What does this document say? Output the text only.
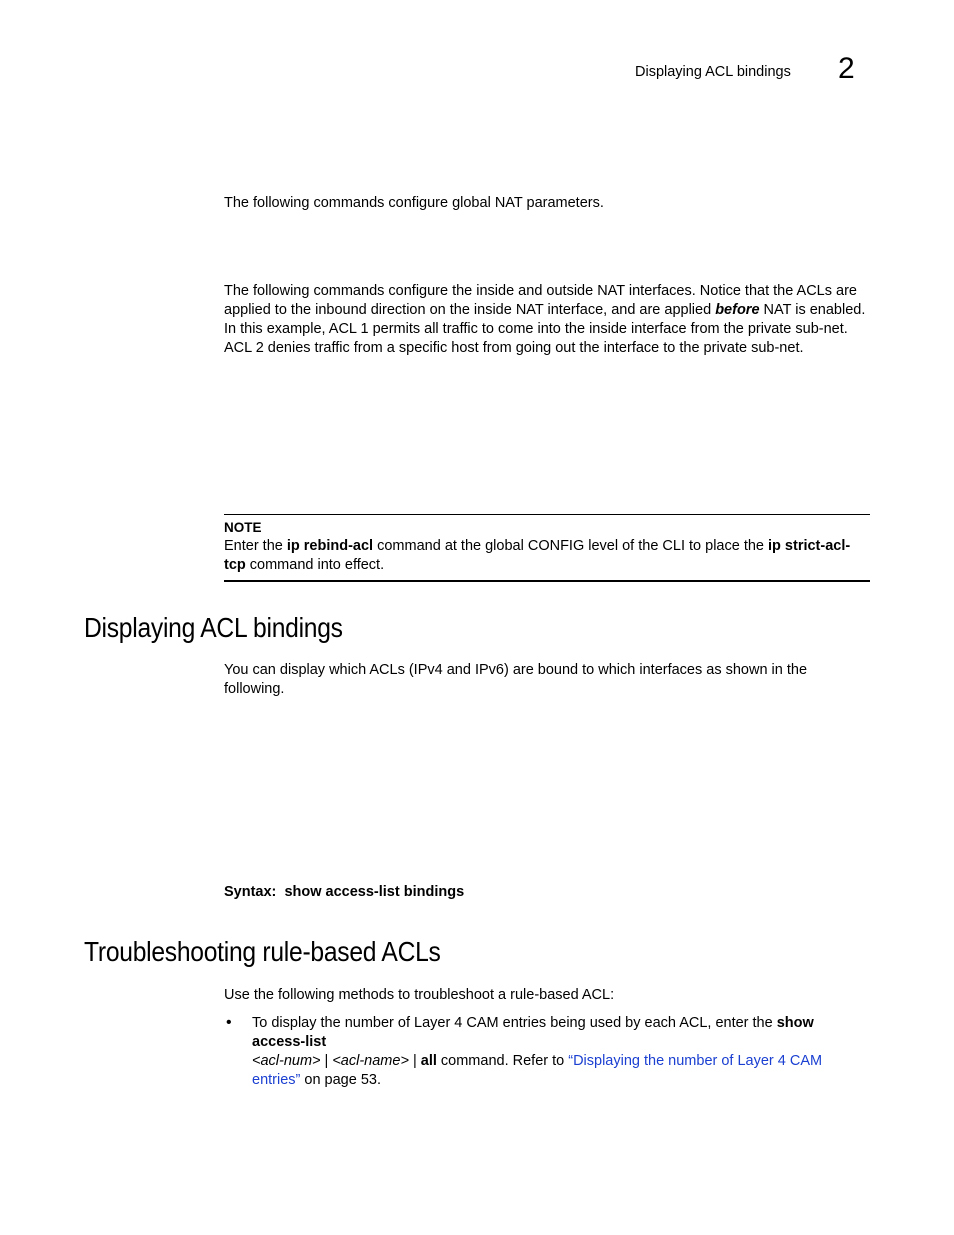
Displaying ACL bindings 2
The following commands configure global NAT parameters.
The following commands configure the inside and outside NAT interfaces. Notice that the ACLs are applied to the inbound direction on the inside NAT interface, and are applied before NAT is enabled. In this example, ACL 1 permits all traffic to come into the inside interface from the private sub-net. ACL 2 denies traffic from a specific host from going out the interface to the private sub-net.
NOTE
Enter the ip rebind-acl command at the global CONFIG level of the CLI to place the ip strict-acl-tcp command into effect.
Displaying ACL bindings
You can display which ACLs (IPv4 and IPv6) are bound to which interfaces as shown in the following.
Syntax: show access-list bindings
Troubleshooting rule-based ACLs
Use the following methods to troubleshoot a rule-based ACL:
• To display the number of Layer 4 CAM entries being used by each ACL, enter the show access-list
<acl-num> | <acl-name> | all command. Refer to “Displaying the number of Layer 4 CAM entries” on page 53.
